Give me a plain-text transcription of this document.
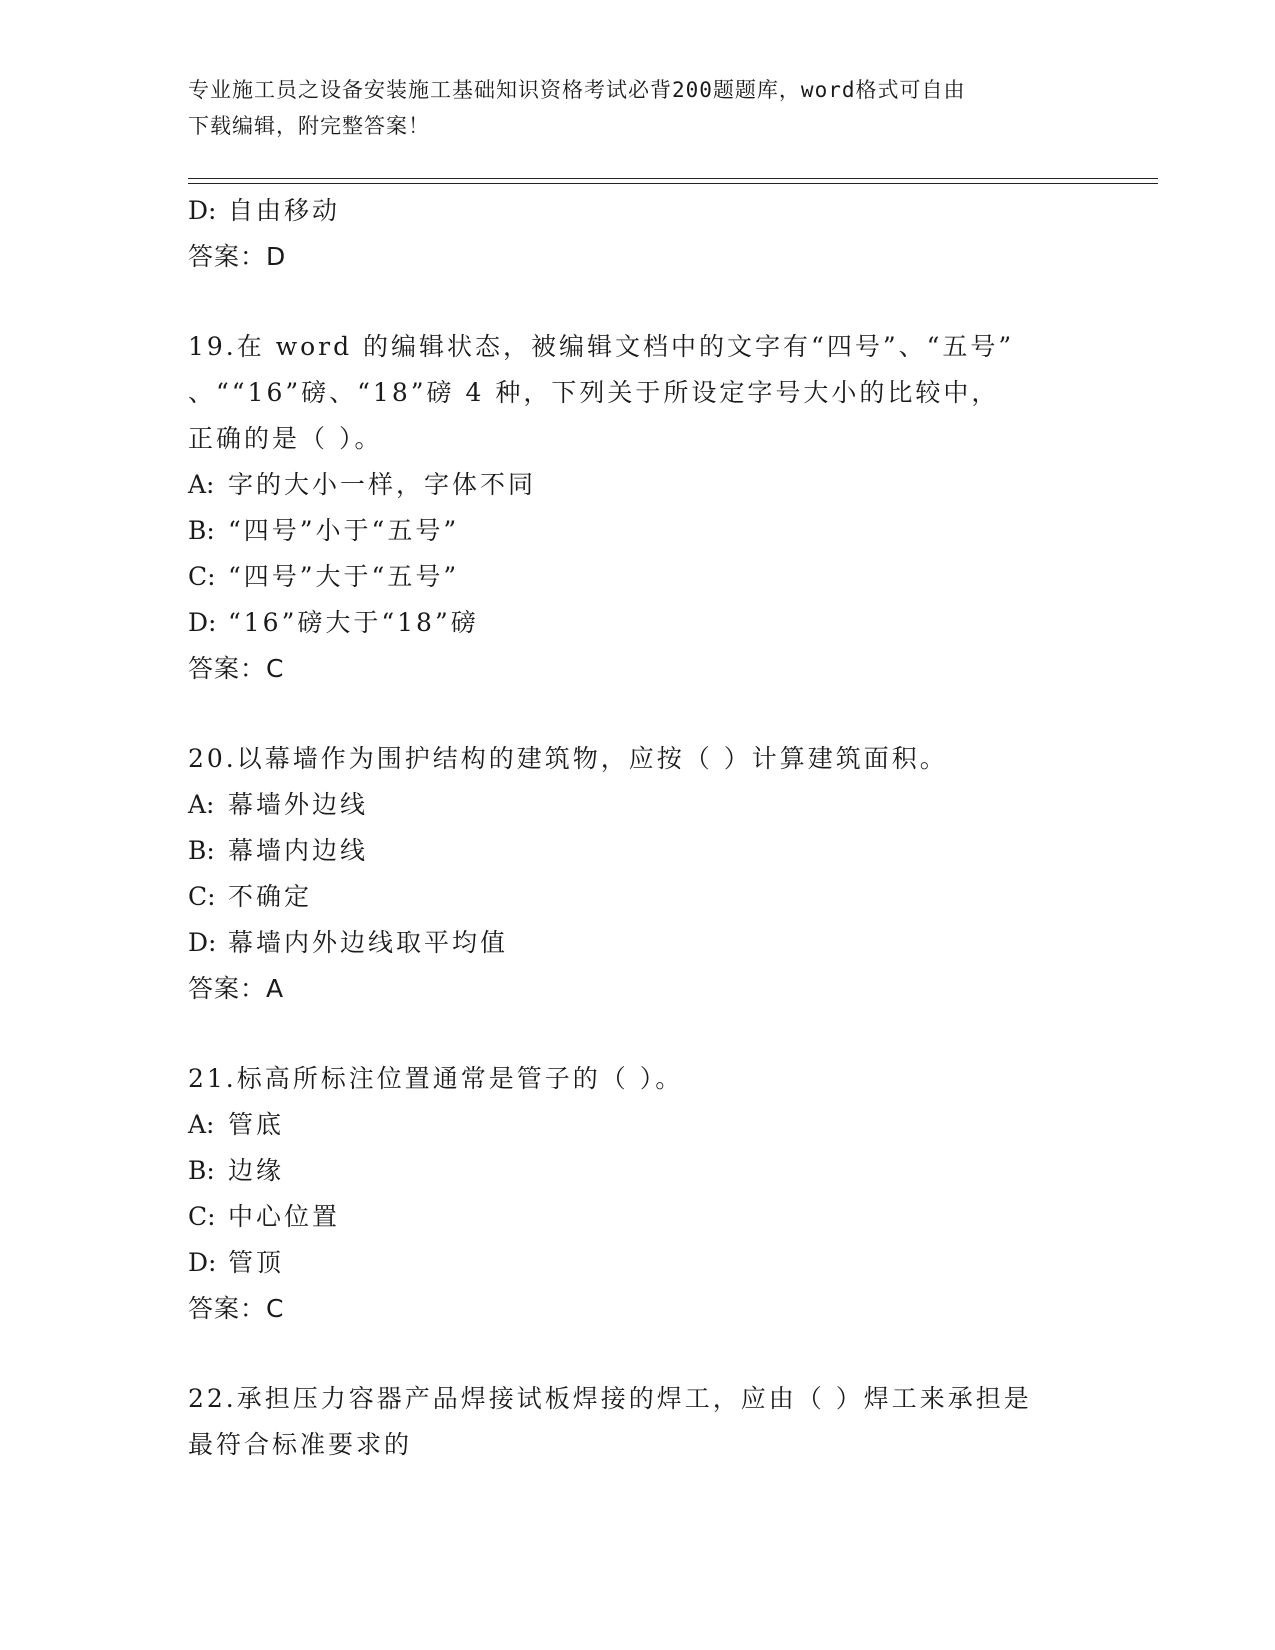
专业施工员之设备安装施工基础知识资格考试必背200题题库，word格式可自由
下载编辑，附完整答案！
D: 自由移动
答案：D
19.在 word 的编辑状态，被编辑文档中的文字有“四号”、“五号”
、““16”磅、“18”磅 4 种，下列关于所设定字号大小的比较中，
正确的是（ ）。
A: 字的大小一样，字体不同
B: “四号”小于“五号”
C: “四号”大于“五号”
D: “16”磅大于“18”磅
答案：C
20.以幕墙作为围护结构的建筑物，应按（ ）计算建筑面积。
A: 幕墙外边线
B: 幕墙内边线
C: 不确定
D: 幕墙内外边线取平均值
答案：A
21.标高所标注位置通常是管子的（ ）。
A: 管底
B: 边缘
C: 中心位置
D: 管顶
答案：C
22.承担压力容器产品焊接试板焊接的焊工，应由（ ）焊工来承担是
最符合标准要求的
